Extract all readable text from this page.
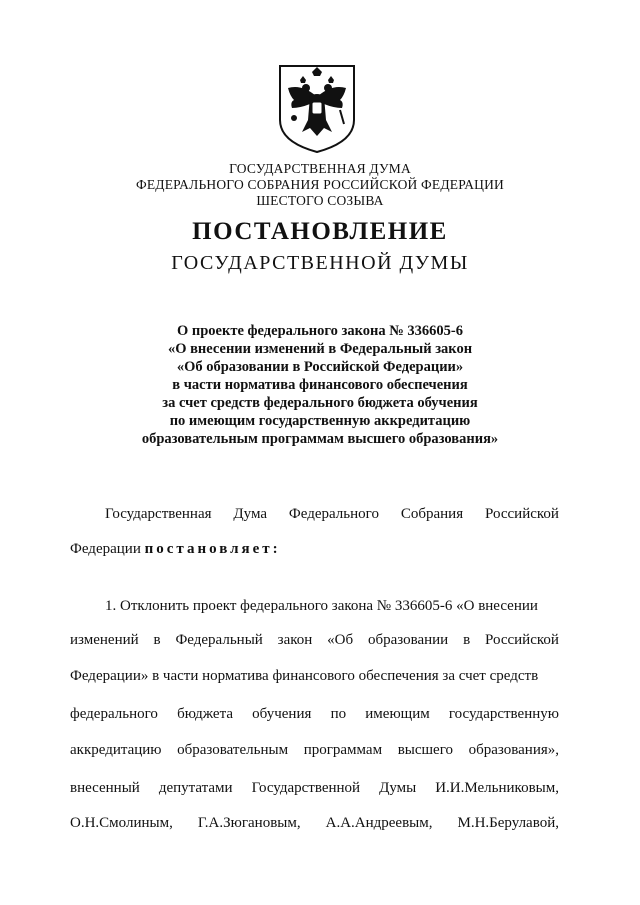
ГОСУДАРСТВЕННАЯ ДУМА
ФЕДЕРАЛЬНОГО СОБРАНИЯ РОССИЙСКОЙ ФЕДЕРАЦИИ
ШЕСТОГО СОЗЫВА
ПОСТАНОВЛЕНИЕ
ГОСУДАРСТВЕННОЙ ДУМЫ
О проекте федерального закона № 336605-6
«О внесении изменений в Федеральный закон
«Об образовании в Российской Федерации»
в части норматива финансового обеспечения
за счет средств федерального бюджета обучения
по имеющим государственную аккредитацию
образовательным программам высшего образования»
Государственная Дума Федерального Собрания Российской
Федерации постановляет:
1. Отклонить проект федерального закона № 336605-6 «О внесении
изменений в Федеральный закон «Об образовании в Российской
Федерации» в части норматива финансового обеспечения за счет средств
федерального бюджета обучения по имеющим государственную
аккредитацию образовательным программам высшего образования»,
внесенный депутатами Государственной Думы И.И.Мельниковым,
О.Н.Смолиным, Г.А.Зюгановым, А.А.Андреевым, М.Н.Берулавой,
